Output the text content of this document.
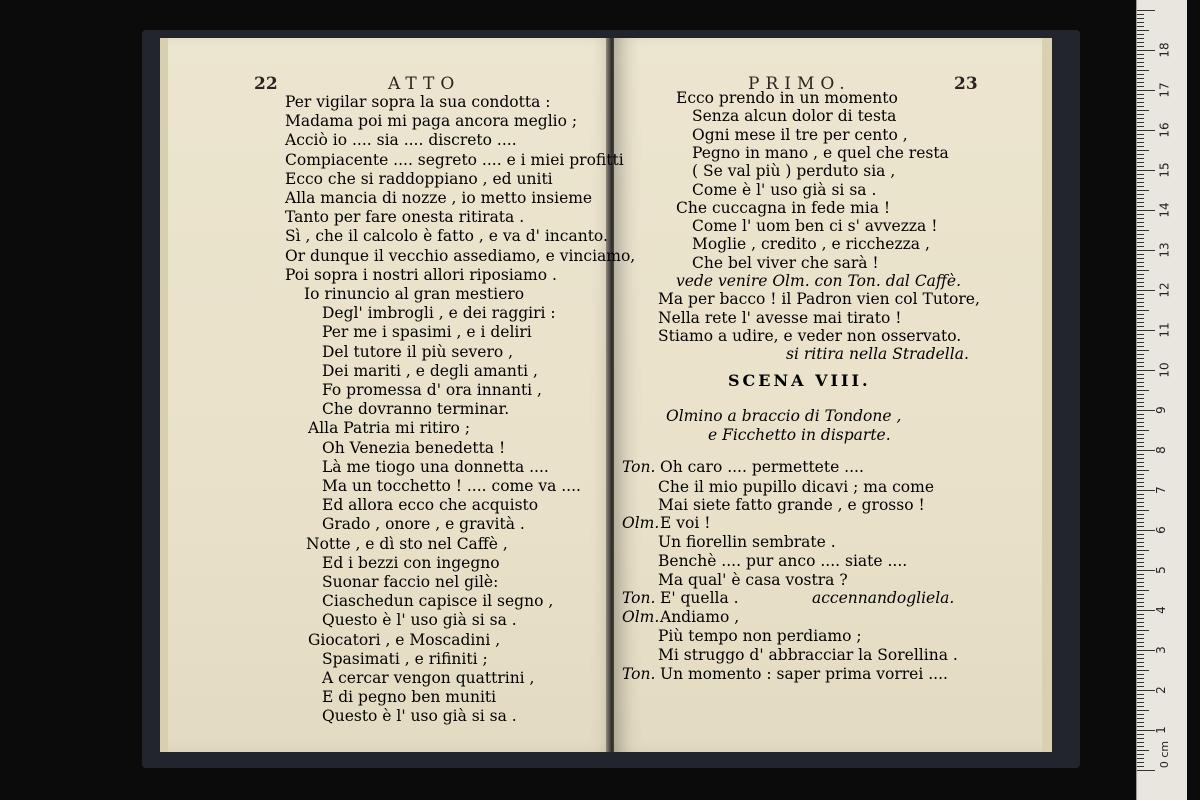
22	ATTO	PRIMO.	23
Per vigilar sopra la sua condotta :
Madama poi mi paga ancora meglio ;
Acciò io .... sia .... discreto ....
Compiacente .... segreto .... e i miei profitti
Ecco che si raddoppiano , ed uniti
Alla mancia di nozze , io metto insieme
Tanto per fare onesta ritirata .
Sì , che il calcolo è fatto , e va d' incanto.
Or dunque il vecchio assediamo, e vinciamo,
Poi sopra i nostri allori riposiamo .
Io rinuncio al gran mestiero
Degl' imbrogli , e dei raggiri :
Per me i spasimi , e i deliri
Del tutore il più severo ,
Dei mariti , e degli amanti ,
Fo promessa d' ora innanti ,
Che dovranno terminar.
Alla Patria mi ritiro ;
Oh Venezia benedetta !
Là me tiogo una donnetta ....
Ma un tocchetto ! .... come va ....
Ed allora ecco che acquisto
Grado , onore , e gravità .
Notte , e dì sto nel Caffè ,
Ed i bezzi con ingegno
Suonar faccio nel gilè:
Ciaschedun capisce il segno ,
Questo è l' uso già si sa .
Giocatori , e Moscadini ,
Spasimati , e rifiniti ;
A cercar vengon quattrini ,
E di pegno ben muniti
Questo è l' uso già si sa .
Ecco prendo in un momento
Senza alcun dolor di testa
Ogni mese il tre per cento ,
Pegno in mano , e quel che resta
( Se val più ) perduto sia ,
Come è l' uso già si sa .
Che cuccagna in fede mia !
Come l' uom ben ci s' avvezza !
Moglie , credito , e ricchezza ,
Che bel viver che sarà !
vede venire Olm. con Ton. dal Caffè.
Ma per bacco ! il Padron vien col Tutore,
Nella rete l' avesse mai tirato !
Stiamo a udire, e veder non osservato.
si ritira nella Stradella.
SCENA VIII.
Olmino a braccio di Tondone ,
e Ficchetto in disparte.
Ton. Oh caro .... permettete ....
Che il mio pupillo dicavi ; ma come
Mai siete fatto grande , e grosso !
Olm. E voi !
Un fiorellin sembrate .
Benchè .... pur anco .... siate ....
Ma qual' è casa vostra ?
Ton. E' quella .
Olm. Andiamo ,
Più tempo non perdiamo ;
Mi struggo d' abbracciar la Sorellina .
Ton. Un momento : saper prima vorrei ....
accennandogliela.
0 cm
18
17
16
15
14
13
12
11
10
9
8
7
6
5
4
3
2
1
